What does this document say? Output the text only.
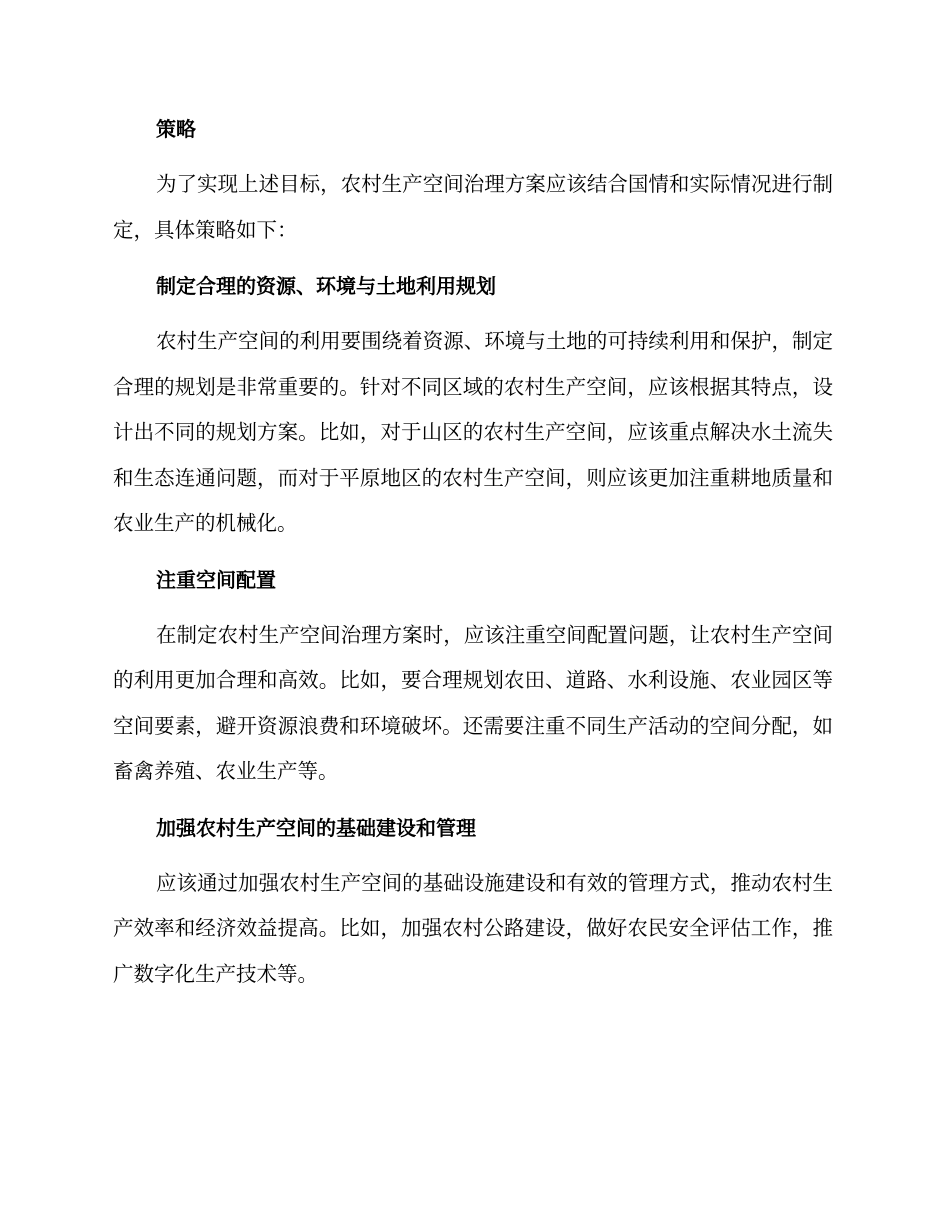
策略

为了实现上述目标，农村生产空间治理方案应该结合国情和实际情况进行制定，具体策略如下：

制定合理的资源、环境与土地利用规划

农村生产空间的利用要围绕着资源、环境与土地的可持续利用和保护，制定合理的规划是非常重要的。针对不同区域的农村生产空间，应该根据其特点，设计出不同的规划方案。比如，对于山区的农村生产空间，应该重点解决水土流失和生态连通问题，而对于平原地区的农村生产空间，则应该更加注重耕地质量和农业生产的机械化。

注重空间配置

在制定农村生产空间治理方案时，应该注重空间配置问题，让农村生产空间的利用更加合理和高效。比如，要合理规划农田、道路、水利设施、农业园区等空间要素，避开资源浪费和环境破坏。还需要注重不同生产活动的空间分配，如畜禽养殖、农业生产等。

加强农村生产空间的基础建设和管理

应该通过加强农村生产空间的基础设施建设和有效的管理方式，推动农村生产效率和经济效益提高。比如，加强农村公路建设，做好农民安全评估工作，推广数字化生产技术等。
